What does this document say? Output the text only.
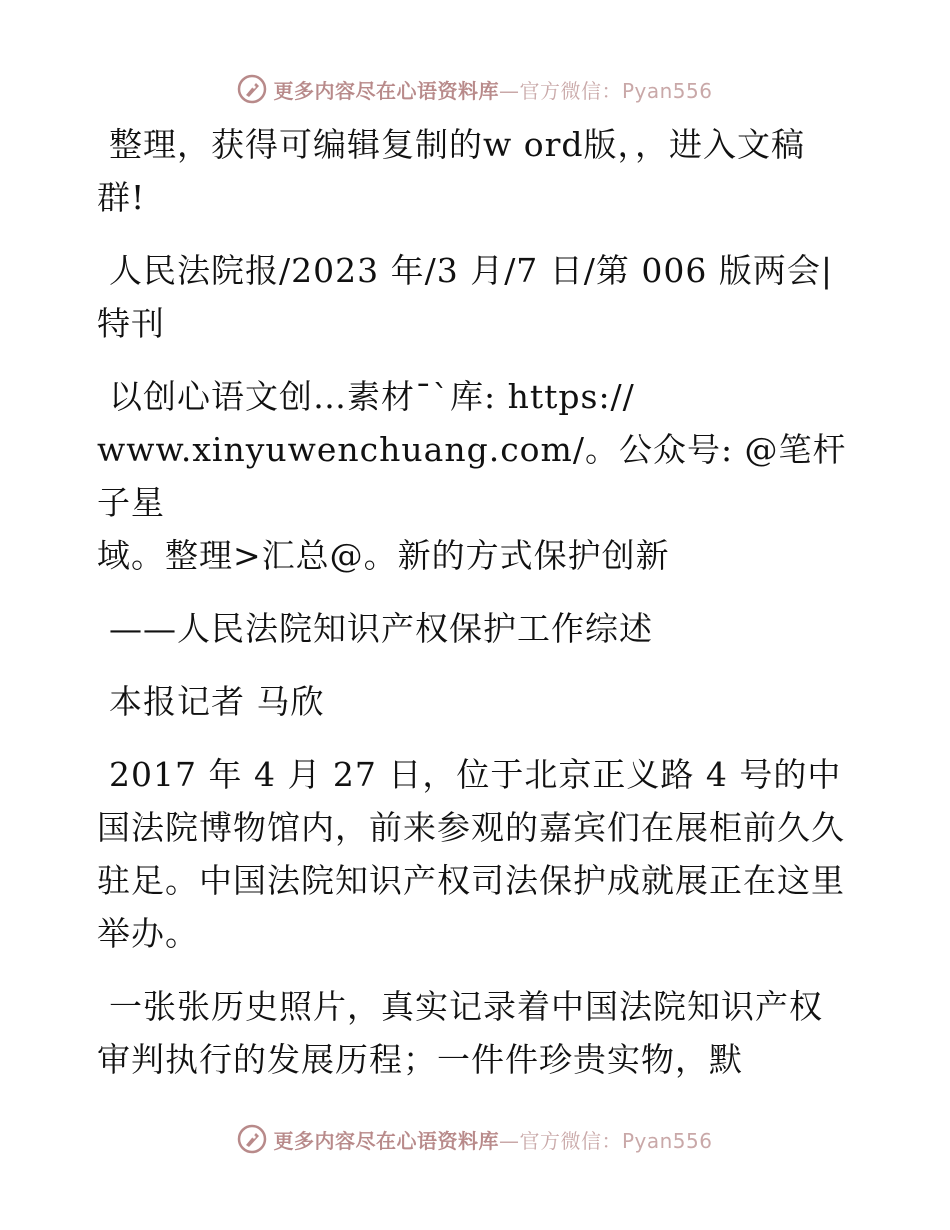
更多内容尽在心语资料库—官方微信：Pyan556

整理，获得可编辑复制的w ord版，，进入文稿
群!

人民法院报/2023 年/3 月/7 日/第 006 版两会|
特刊

以创心语文创…素材¯`库: https://
www.xinyuwenchuang.com/。公众号: @笔杆子星
域。整理>汇总@。新的方式保护创新

——人民法院知识产权保护工作综述

本报记者 马欣

2017 年 4 月 27 日，位于北京正义路 4 号的中
国法院博物馆内，前来参观的嘉宾们在展柜前久久
驻足。中国法院知识产权司法保护成就展正在这里
举办。

一张张历史照片，真实记录着中国法院知识产权
审判执行的发展历程；一件件珍贵实物，默

更多内容尽在心语资料库—官方微信：Pyan556
